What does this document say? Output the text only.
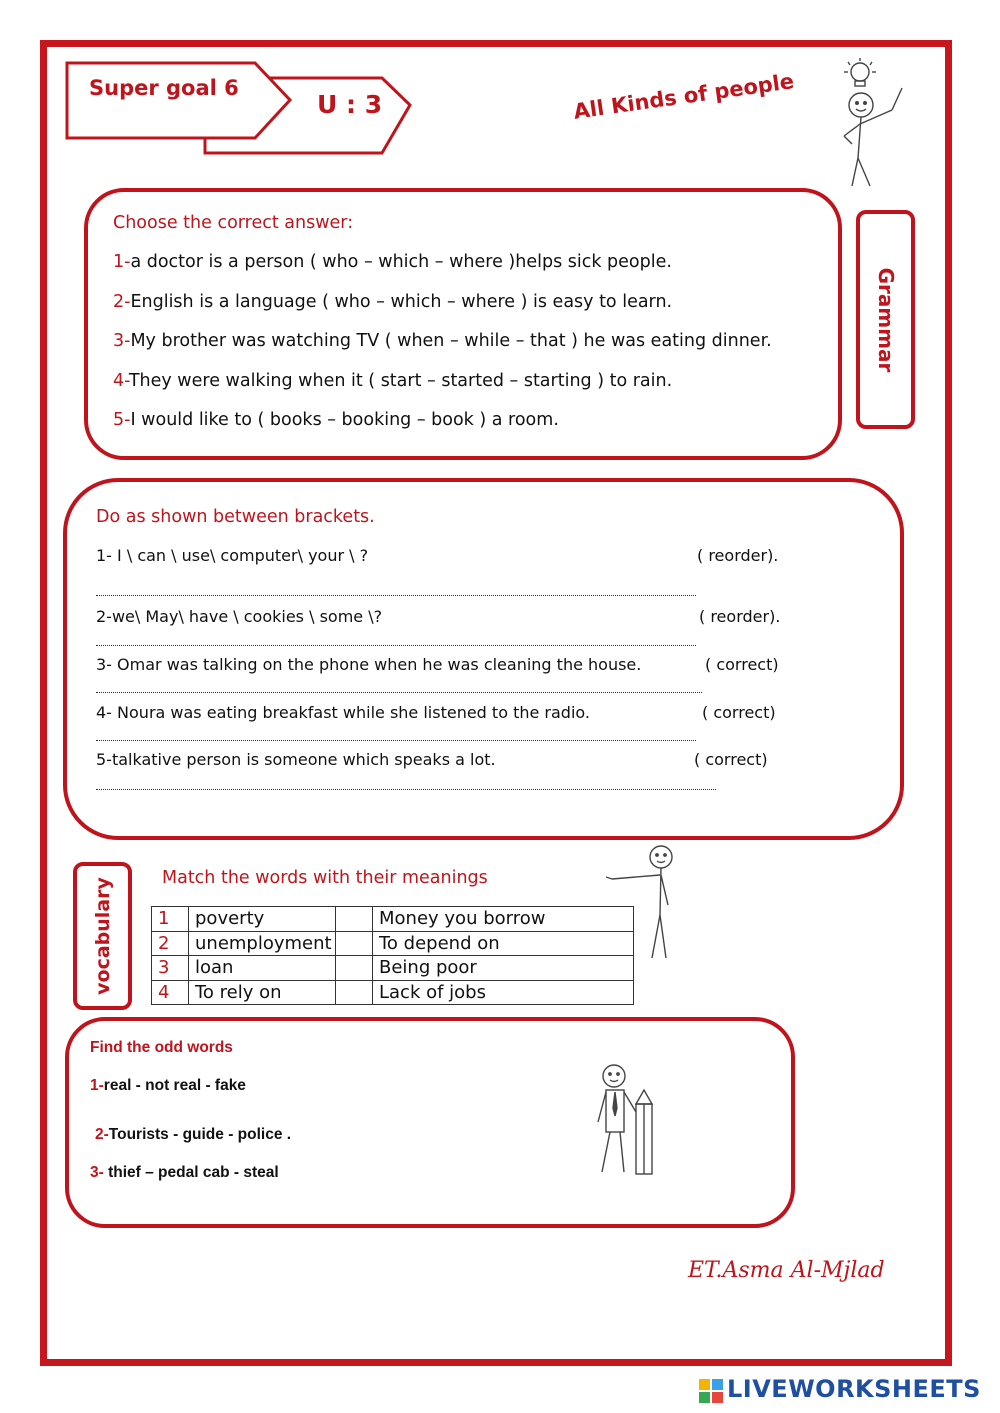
Super goal 6
U : 3	All Kinds of people
Grammar
Choose the correct answer:
1-a doctor is a person ( who – which – where )helps sick people.
2-English is a language ( who – which – where ) is easy to learn.
3-My brother was watching TV ( when – while – that ) he was eating dinner.
4-They were walking when it ( start – started – starting ) to rain.
5-I would like to ( books – booking – book ) a room.
Do as shown between brackets.
1- I \ can \ use\ computer\ your \ ?	( reorder).
2-we\ May\ have \ cookies \ some \?	( reorder).
3- Omar was talking on the phone when he was cleaning the house.	( correct)
4- Noura was eating breakfast while she listened to the radio.	( correct)
5-talkative person is someone which speaks a lot.	( correct)
vocabulary	Match the words with their meanings
1	poverty		Money you borrow
2	unemployment		To depend on
3	loan		Being poor
4	To rely on		Lack of jobs
Find the odd words
1-real - not real - fake
2-Tourists - guide - police .
3- thief – pedal cab - steal
ET.Asma Al-Mjlad
LIVEWORKSHEETS
